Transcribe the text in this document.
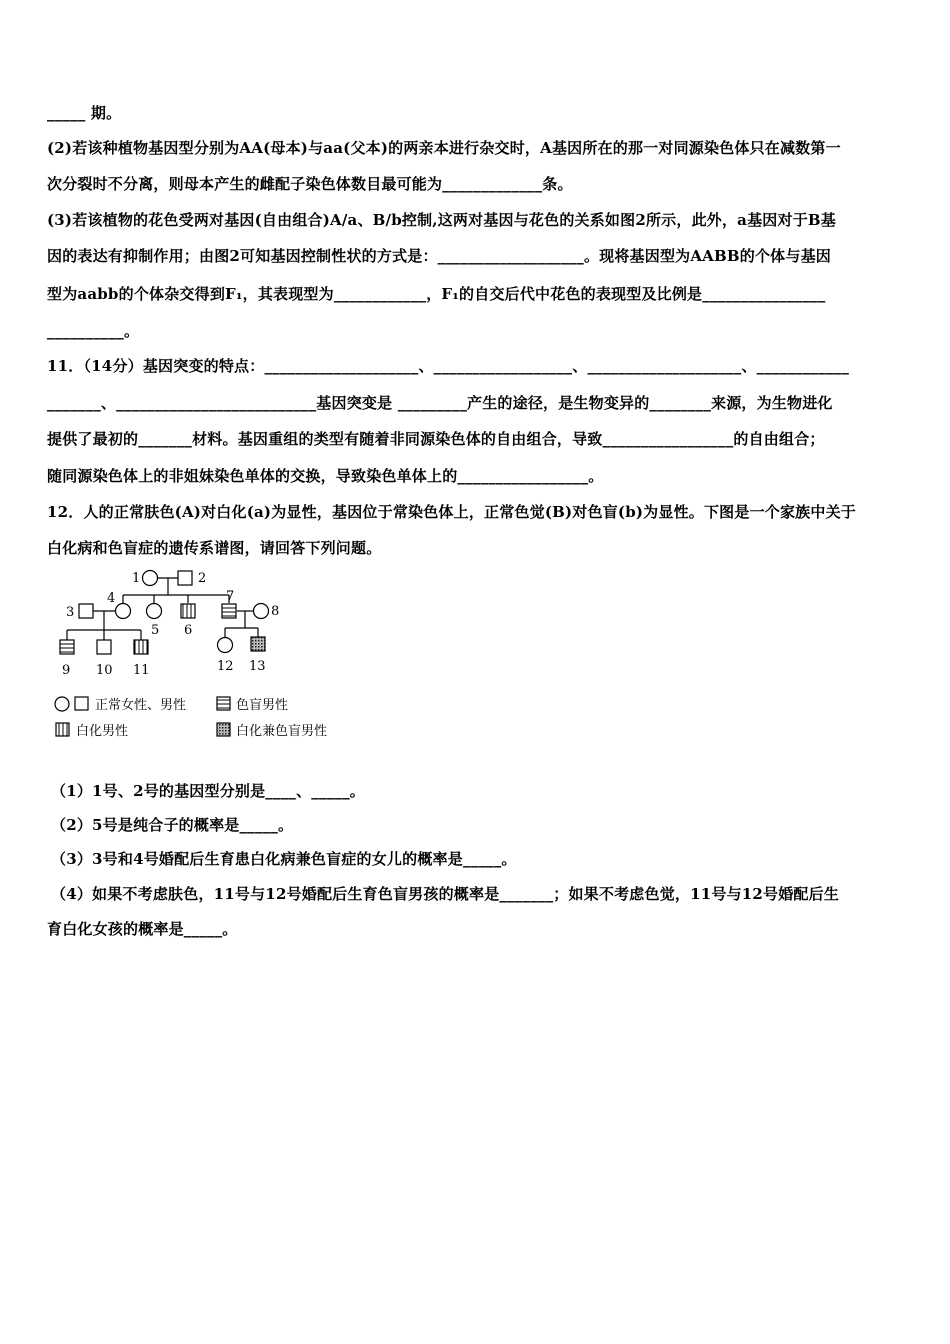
_____ 期。
(2)若该种植物基因型分别为AA(母本)与aa(父本)的两亲本进行杂交时，A基因所在的那一对同源染色体只在减数第一
次分裂时不分离，则母本产生的雌配子染色体数目最可能为_____________条。
(3)若该植物的花色受两对基因(自由组合)A/a、B/b控制,这两对基因与花色的关系如图2所示，此外，a基因对于B基
因的表达有抑制作用；由图2可知基因控制性状的方式是：___________________。现将基因型为AABB的个体与基因
型为aabb的个体杂交得到F₁，其表现型为____________，F₁的自交后代中花色的表现型及比例是________________
__________。
11．（14分）基因突变的特点：____________________、__________________、____________________、____________
_______、__________________________基因突变是 _________产生的途径，是生物变异的________来源，为生物进化
提供了最初的_______材料。基因重组的类型有随着非同源染色体的自由组合，导致_________________的自由组合；
随同源染色体上的非姐妹染色单体的交换，导致染色单体上的_________________。
12．人的正常肤色(A)对白化(a)为显性，基因位于常染色体上，正常色觉(B)对色盲(b)为显性。下图是一个家族中关于
白化病和色盲症的遗传系谱图，请回答下列问题。
1	2
3
4
5 6
7
8
9 10 11	12 13
正常女性、男性	色盲男性
白化男性	白化兼色盲男性
（1）1号、2号的基因型分别是____、_____。
（2）5号是纯合子的概率是_____。
（3）3号和4号婚配后生育患白化病兼色盲症的女儿的概率是_____。
（4）如果不考虑肤色，11号与12号婚配后生育色盲男孩的概率是_______；如果不考虑色觉，11号与12号婚配后生
育白化女孩的概率是_____。
